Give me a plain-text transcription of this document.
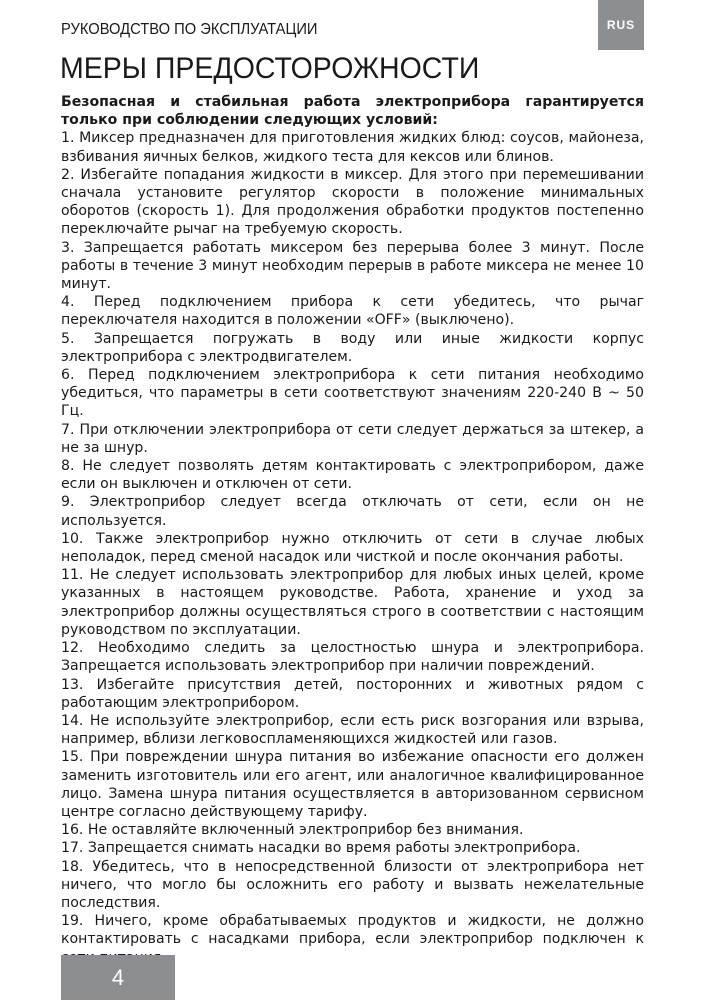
RUS
РУКОВОДСТВО ПО ЭКСПЛУАТАЦИИ
МЕРЫ ПРЕДОСТОРОЖНОСТИ

Безопасная и стабильная работа электроприбора гарантируется только при соблюдении следующих условий:

1. Миксер предназначен для приготовления жидких блюд: соусов, майонеза, взбивания яичных белков, жидкого теста для кексов или блинов.

2. Избегайте попадания жидкости в миксер. Для этого при перемешивании сначала установите регулятор скорости в положение минимальных оборотов (скорость 1). Для продолжения обработки продуктов постепенно переключайте рычаг на требуемую скорость.

3. Запрещается работать миксером без перерыва более 3 минут. После работы в течение 3 минут необходим перерыв в работе миксера не менее 10 минут.

4. Перед подключением прибора к сети убедитесь, что рычаг переключателя находится в положении «OFF» (выключено).

5. Запрещается погружать в воду или иные жидкости корпус электроприбора с электродвигателем.

6. Перед подключением электроприбора к сети питания необходимо убедиться, что параметры в сети соответствуют значениям 220-240 В ~ 50 Гц.

7. При отключении электроприбора от сети следует держаться за штекер, а не за шнур.

8. Не следует позволять детям контактировать с электроприбором, даже если он выключен и отключен от сети.

9. Электроприбор следует всегда отключать от сети, если он не используется.

10. Также электроприбор нужно отключить от сети в случае любых неполадок, перед сменой насадок или чисткой и после окончания работы.

11. Не следует использовать электроприбор для любых иных целей, кроме указанных в настоящем руководстве. Работа, хранение и уход за электроприбор должны осуществляться строго в соответствии с настоящим руководством по эксплуатации.

12. Необходимо следить за целостностью шнура и электроприбора. Запрещается использовать электроприбор при наличии повреждений.

13. Избегайте присутствия детей, посторонних и животных рядом с работающим электроприбором.

14. Не используйте электроприбор, если есть риск возгорания или взрыва, например, вблизи легковоспламеняющихся жидкостей или газов.

15. При повреждении шнура питания во избежание опасности его должен заменить изготовитель или его агент, или аналогичное квалифицированное лицо. Замена шнура питания осуществляется в авторизованном сервисном центре согласно действующему тарифу.

16. Не оставляйте включенный электроприбор без внимания.

17. Запрещается снимать насадки во время работы электроприбора.

18. Убедитесь, что в непосредственной близости от электроприбора нет ничего, что могло бы осложнить его работу и вызвать нежелательные последствия.

19. Ничего, кроме обрабатываемых продуктов и жидкости, не должно контактировать с насадками прибора, если электроприбор подключен к

4
